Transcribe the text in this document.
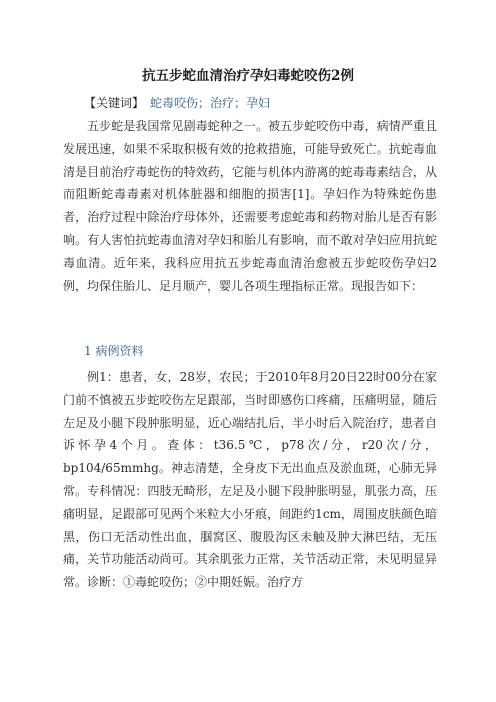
抗五步蛇血清治疗孕妇毒蛇咬伤2例
【关键词】 蛇毒咬伤；治疗；孕妇

五步蛇是我国常见剧毒蛇种之一。被五步蛇咬伤中毒，病情严重且发展迅速，如果不采取积极有效的抢救措施，可能导致死亡。抗蛇毒血清是目前治疗毒蛇伤的特效药，它能与机体内游离的蛇毒毒素结合，从而阻断蛇毒毒素对机体脏器和细胞的损害[1]。孕妇作为特殊蛇伤患者，治疗过程中除治疗母体外，还需要考虑蛇毒和药物对胎儿是否有影响。有人害怕抗蛇毒血清对孕妇和胎儿有影响，而不敢对孕妇应用抗蛇毒血清。近年来，我科应用抗五步蛇毒血清治愈被五步蛇咬伤孕妇2例，均保住胎儿、足月顺产，婴儿各项生理指标正常。现报告如下：

1 病例资料

例1：患者，女，28岁，农民；于2010年8月20日22时00分在家门前不慎被五步蛇咬伤左足跟部，当时即感伤口疼痛，压痛明显，随后左足及小腿下段肿胀明显，近心端结扎后，半小时后入院治疗，患者自诉怀孕4个月。查体：t36.5℃，p78次/分，r20次/分，bp104/65mmhg。神志清楚，全身皮下无出血点及淤血斑，心肺无异常。专科情况：四肢无畸形，左足及小腿下段肿胀明显，肌张力高，压痛明显，足跟部可见两个米粒大小牙痕，间距约1cm，周围皮肤颜色暗黑，伤口无活动性出血，腘窝区、腹股沟区未触及肿大淋巴结，无压痛，关节功能活动尚可。其余肌张力正常，关节活动正常，未见明显异常。诊断：①毒蛇咬伤；②中期妊娠。治疗方
